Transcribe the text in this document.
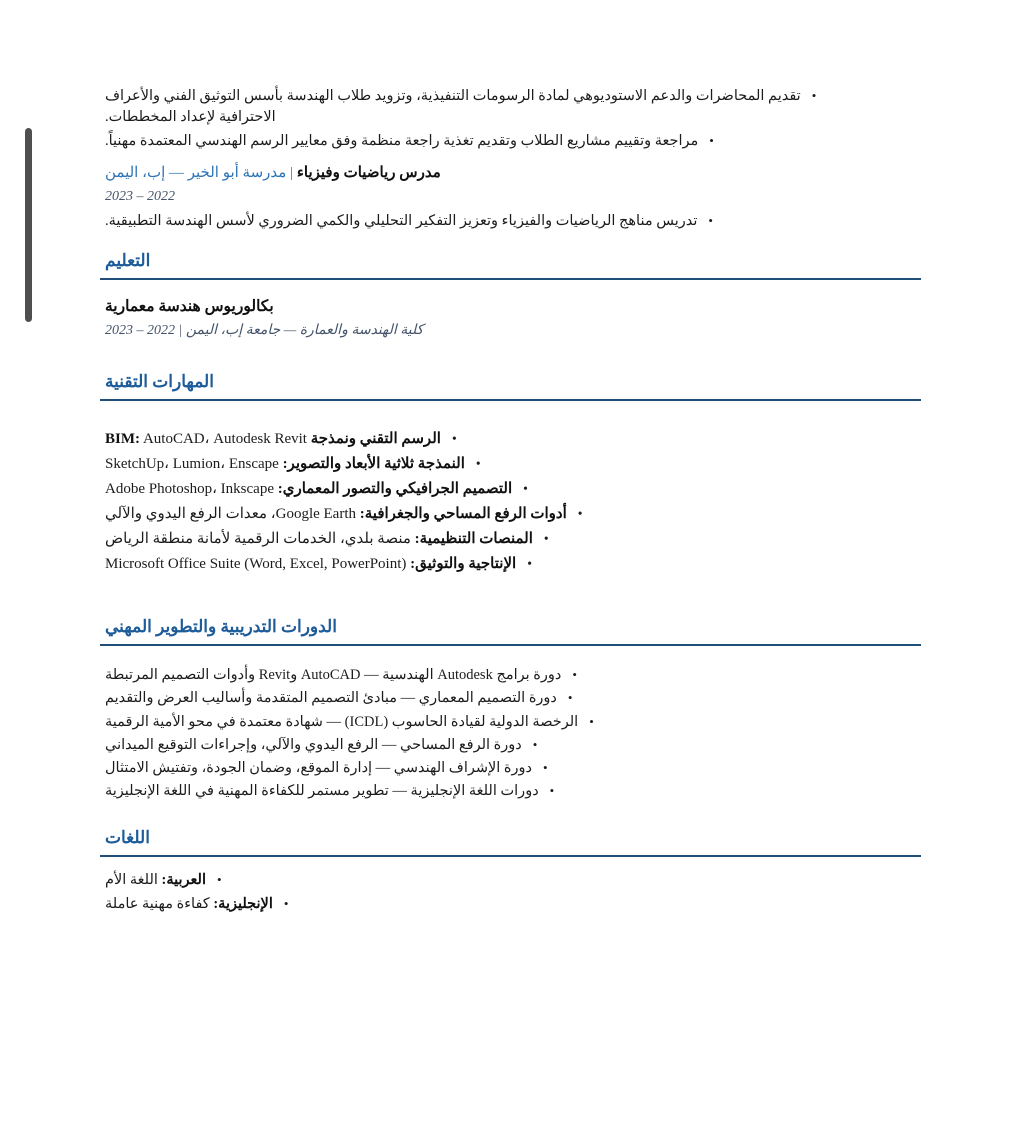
•تقديم المحاضرات والدعم الاستوديوهي لمادة الرسومات التنفيذية، وتزويد طلاب الهندسة بأسس التوثيق الفني والأعراف الاحترافية لإعداد المخططات.
•مراجعة وتقييم مشاريع الطلاب وتقديم تغذية راجعة منظمة وفق معايير الرسم الهندسي المعتمدة مهنياً.
مدرس رياضيات وفيزياء | مدرسة أبو الخير — إب، اليمن
2022 – 2023
•تدريس مناهج الرياضيات والفيزياء وتعزيز التفكير التحليلي والكمي الضروري لأسس الهندسة التطبيقية.
التعليم
بكالوريوس هندسة معمارية
كلية الهندسة والعمارة — جامعة إب، اليمن | 2022 – 2023
المهارات التقنية
•الرسم التقني ونمذجة BIM: AutoCAD، Autodesk Revit
•النمذجة ثلاثية الأبعاد والتصوير: SketchUp، Lumion، Enscape
•التصميم الجرافيكي والتصور المعماري: Adobe Photoshop، Inkscape
•أدوات الرفع المساحي والجغرافية: Google Earth، معدات الرفع اليدوي والآلي
•المنصات التنظيمية: منصة بلدي، الخدمات الرقمية لأمانة منطقة الرياض
•الإنتاجية والتوثيق: Microsoft Office Suite (Word, Excel, PowerPoint)
الدورات التدريبية والتطوير المهني
•دورة برامج Autodesk الهندسية — AutoCAD وRevit وأدوات التصميم المرتبطة
•دورة التصميم المعماري — مبادئ التصميم المتقدمة وأساليب العرض والتقديم
•الرخصة الدولية لقيادة الحاسوب (ICDL) — شهادة معتمدة في محو الأمية الرقمية
•دورة الرفع المساحي — الرفع اليدوي والآلي، وإجراءات التوقيع الميداني
•دورة الإشراف الهندسي — إدارة الموقع، وضمان الجودة، وتفتيش الامتثال
•دورات اللغة الإنجليزية — تطوير مستمر للكفاءة المهنية في اللغة الإنجليزية
اللغات
•العربية: اللغة الأم
•الإنجليزية: كفاءة مهنية عاملة
